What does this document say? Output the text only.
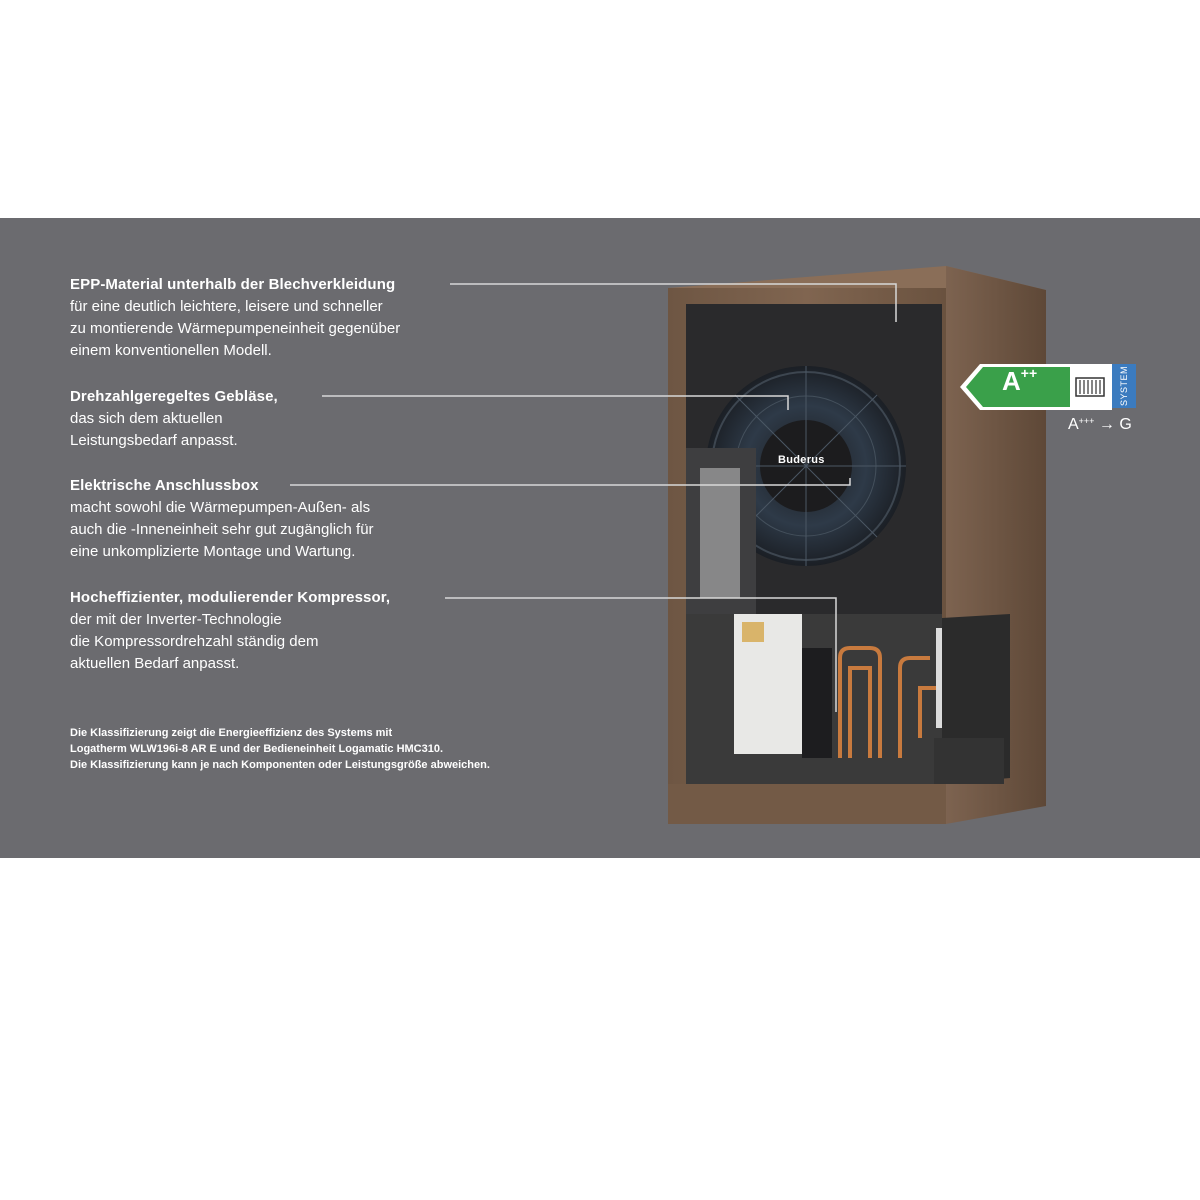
Buderus
EPP-Material unterhalb der Blechverkleidung
für eine deutlich leichtere, leisere und schneller
zu montierende Wärmepumpeneinheit gegenüber
einem konventionellen Modell.
Drehzahlgeregeltes Gebläse,
das sich dem aktuellen
Leistungsbedarf anpasst.
Elektrische Anschlussbox
macht sowohl die Wärmepumpen-Außen- als
auch die -Inneneinheit sehr gut zugänglich für
eine unkomplizierte Montage und Wartung.
Hocheffizienter, modulierender Kompressor,
der mit der Inverter-Technologie
die Kompressordrehzahl ständig dem
aktuellen Bedarf anpasst.
Die Klassifizierung zeigt die Energieeffizienz des Systems mit
Logatherm WLW196i-8 AR E und der Bedieneinheit Logamatic HMC310.
Die Klassifizierung kann je nach Komponenten oder Leistungsgröße abweichen.
A++	SYSTEM
A+++ → G
